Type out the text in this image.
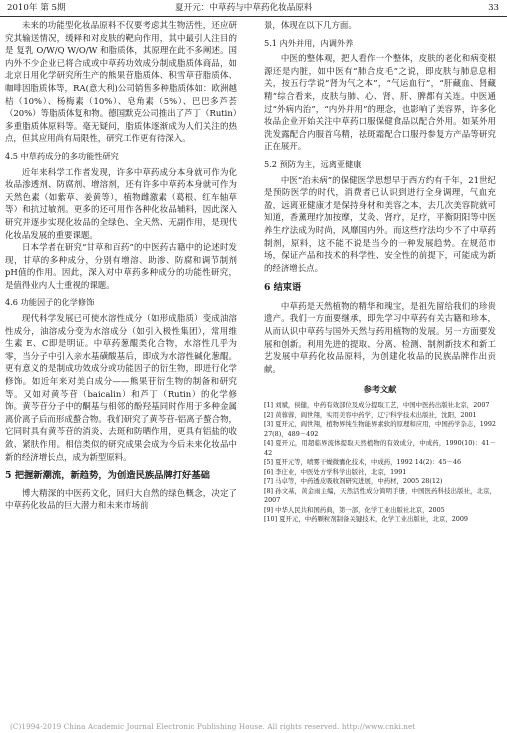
2010年 第 5期	夏开元：中草药与中草药化妆品原料	33

未来的功能型化妆品原料不仅要考虑其生物活性，还应研究其输送情况，缓释和对皮肤的靶向作用，其中最引人注目的是 复乳 O/W/Q W/O/W 和脂质体，其原理在此不多阐述。国内外不少企业已将合成或中草药功效成分制成脂质体商品，如北京日用化学研究所生产的熊果苷脂质体、积雪草苷脂质体、咖啡因脂质体等，RA(意大利)公司销售多种脂质体如：欧洲越桔（10%）、杨梅素（10%）、皂角素（5%）、巴巴多芦荟（20%）等脂质体复和物。德国默克公司推出了芦丁（Rutin）多重脂质体原料等。毫无疑问，脂质体逐渐成为人们关注的热点，但其应用尚有局限性，研究工作更有待深入。

4.5 中草药成分的多功能性研究

近年来科学工作者发现，许多中草药成分本身就可作为化妆品渗透剂、防腐剂、增溶剂，还有许多中草药本身就可作为天然色素（如紫草、姜黄等），植物雌激素（葛根、红车轴草等）和抗过敏剂。更多的还可用作各种化妆品辅料，因此深入研究并逐步实现化妆品的全绿色、全天然、无副作用，是现代化妆品发展的重要课题。

日本学者在研究“甘草和百药”的中医药古籍中的论述时发现，甘草的多种成分，分别有增溶、助渗、防腐和调节制剂 pH值的作用。因此，深入对中草药多种成分的功能性研究，是值得业内人士重视的课题。

4.6 功能因子的化学修饰

现代科学发展已可使水溶性成分（如形成脂质）变成油溶性成分，油溶成分变为水溶成分（如引入极性集团），常用维生素 E、C即是明证。中草药葱醌类化合物，水溶性几乎为零，当分子中引入亲水基磺酸基后，即成为水溶性碱化葱醌。更有意义的是制成功效成分或功能因子的衍生物，即进行化学修饰。如近年来对美白成分——熊果苷衍生物的制备和研究等。又如对黄芩苷（baicalin）和芦丁（Rutin）的化学修饰。黄芩苷分子中的酮基与相邻的酚羟基同时作用于多种金属离价离子后而形成螯合物。我们研究了黄芩苷-铝离子螯合物，它同时具有黄芩苷的消炎、去斑和防晒作用，更具有铝盐的收敛、紧肤作用。相信类似的研究成果会成为今后未来化妆品中新的经济增长点，成为新型原料。

5 把握新潮流，新趋势，为创造民族品牌打好基础

博大精深的中医药文化，回归大自然的绿色概念，决定了中草药化妆品的巨大潜力和未来市场前

景，体现在以下几方面。

5.1 内外并用，内调外养

中医的整体观，把人看作一个整体，皮肤的老化和病变根源还是内脏，如中医有“肺合皮毛”之说，即皮肤与肺息息相关，按五行学说“肾为气之本”，“气运血行”，“肝藏血、肾藏精”综合看来，皮肤与肺、心、肾、肝、脾都有关连。中医通过“外病内治”，“内外并用”的理念，也影响了美容界，许多化妆品企业开始关注中草药口服保健食品以配合外用。如某外用洗发露配合内服首乌精，祛斑霜配合口服丹参复方产品等研究正在展开。

5.2 预防为主，远离亚健康

中医“治未病”的保健医学思想早于西方约有千年，21世纪是预防医学的时代，消费者已认识到进行全身调理，气血充盈，远离亚健康才是保持身材和美容之本，去几次美容院就可知道，香薰理疗加按摩，艾灸、肾疗，足疗，平衡阴阳等中医养生疗法成为时尚，风靡国内外。而这些疗法均少不了中草药制剂，原料，这不能不说是当今的一种发展趋势。在规范市场，保证产品和技术的科学性、安全性的前提下，可能成为新的经济增长点。

6 结束语

中草药是天然植物的精华和瑰宝，是祖先留给我们的珍贵遗产。我们一方面要继承，即先学习中草药有关古籍和珍本，从而认识中草药与国外天然与药用植物的发展。另一方面要发展和创新。利用先进的提取、分离、检测、制剂新技术和新工艺发展中草药化妆品原料，为创建化妆品的民族品牌作出贡献。

参考文献

[1] 刘斌，侯健，中药有效部位及成分提取工艺，中国中医药出版社北京，2007

[2] 黄蓉蓉，阎世翔，实用美容中药学，辽宁科学技术出版社，沈阳，2001

[3] 夏开元，阎世翔，植物界纯生物能界素软的原理和应用，中国药学杂志，1992 27(8)，489－492

[4] 夏开元，用超临界流体提取天然植物的有效成分，中成药，1990(10)：41－42

[5] 夏开元等，喷雾干燥微囊化技术，中成药，1992 14(2)：45－46

[6] 李庄业，中医处方学科学出版社，北京，1991

[7] 马卓等，中药透皮吸收剂研究进展，中药材，2005 28(12)

[8] 孙文基，黄金雨主编，天然活性成分简明手册，中国医药科技出版社，北京，2007

[9] 中华人民共和国药典，第一部，化学工业出版社北京，2005

[10] 夏开元，中药颗粒剂制备关键技术，化学工业出版社，北京，2009

(C)1994-2019 China Academic Journal Electronic Publishing House. All rights reserved. http://www.cnki.net
